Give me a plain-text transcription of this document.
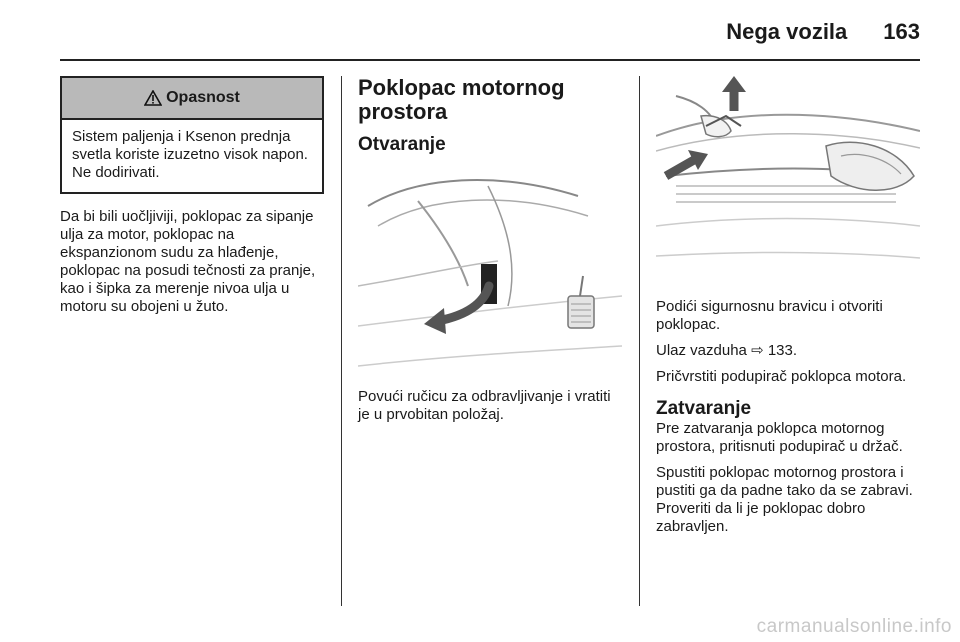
Nega vozila 163
Opasnost
Sistem paljenja i Ksenon prednja svetla koriste izuzetno visok napon. Ne dodirivati.

Da bi bili uočljiviji, poklopac za sipanje ulja za motor, poklopac na ekspanzionom sudu za hlađenje, poklopac na posudi tečnosti za pranje, kao i šipka za merenje nivoa ulja u motoru su obojeni u žuto.

Poklopac motornog prostora
Otvaranje

Povući ručicu za odbravljivanje i vratiti je u prvobitan položaj.

Podići sigurnosnu bravicu i otvoriti poklopac.

Ulaz vazduha ⇨ 133.

Pričvrstiti podupirač poklopca motora.

Zatvaranje

Pre zatvaranja poklopca motornog prostora, pritisnuti podupirač u držač.

Spustiti poklopac motornog prostora i pustiti ga da padne tako da se zabravi. Proveriti da li je poklopac dobro zabravljen.

carmanualsonline.info
